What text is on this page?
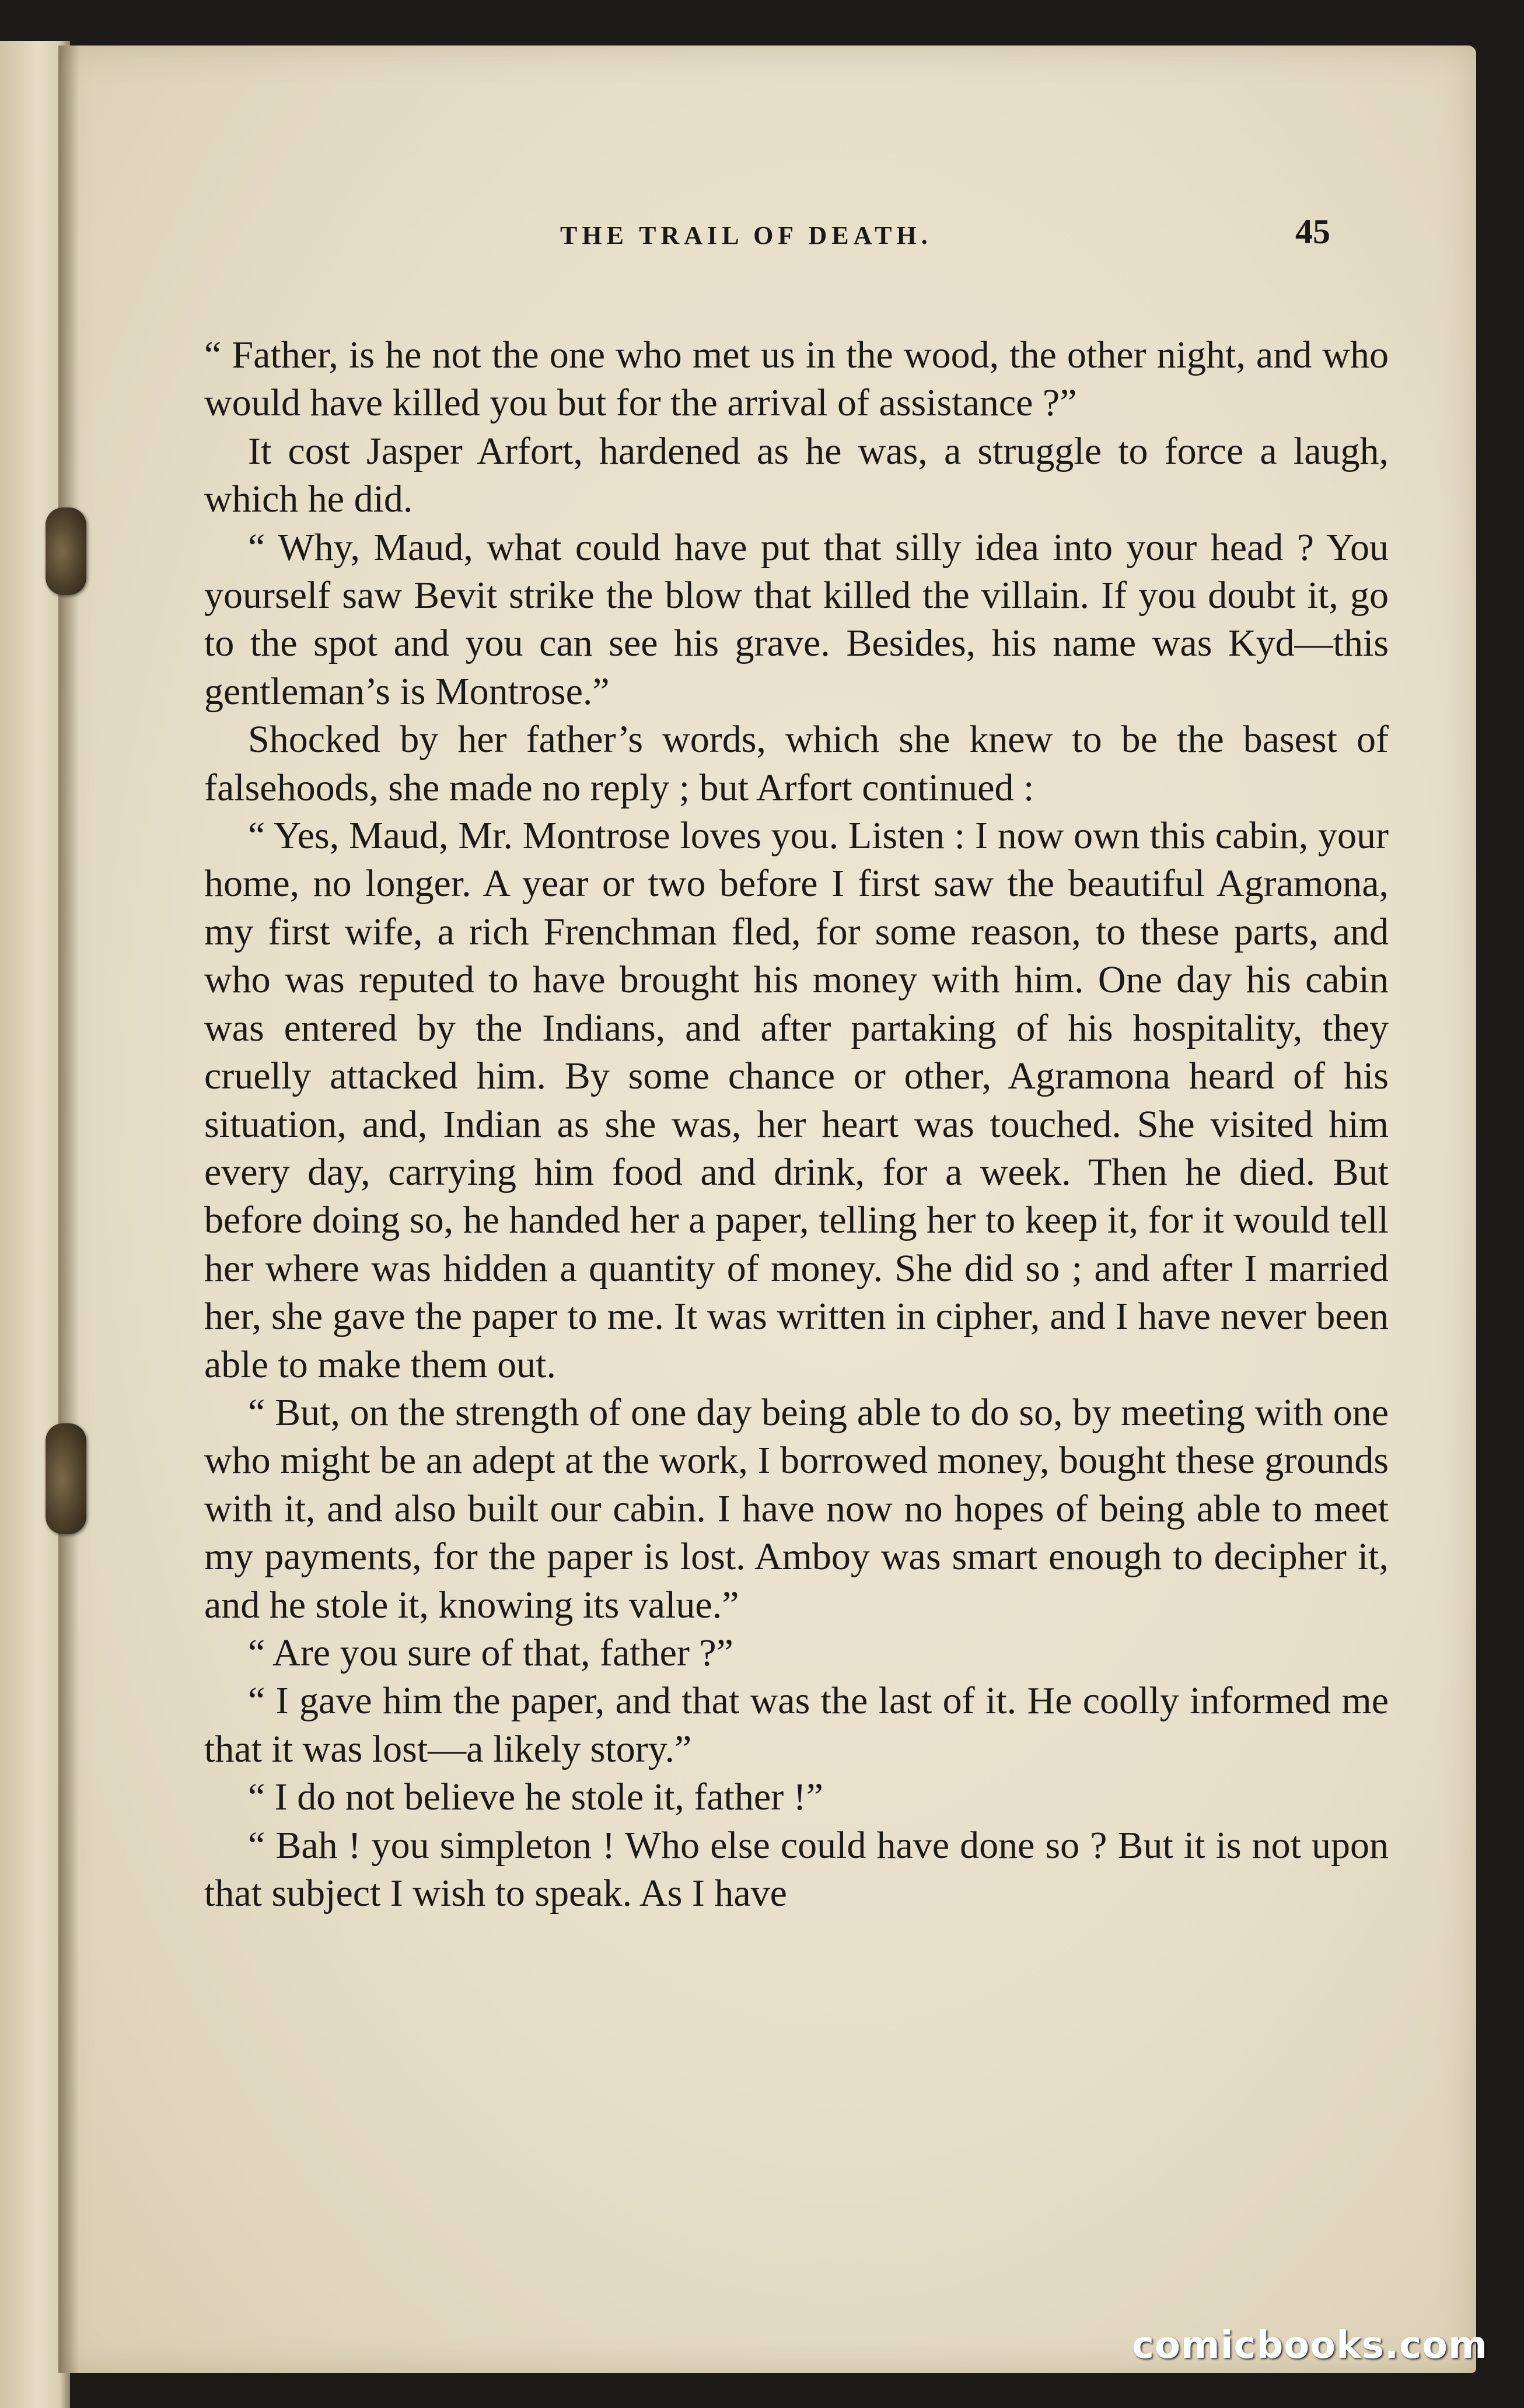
THE TRAIL OF DEATH.	45

“ Father, is he not the one who met us in the wood, the other night, and who would have killed you but for the arrival of assistance ?”

It cost Jasper Arfort, hardened as he was, a struggle to force a laugh, which he did.

“ Why, Maud, what could have put that silly idea into your head ? You yourself saw Bevit strike the blow that killed the villain. If you doubt it, go to the spot and you can see his grave. Besides, his name was Kyd—this gentleman’s is Montrose.”

Shocked by her father’s words, which she knew to be the basest of falsehoods, she made no reply ; but Arfort continued :

“ Yes, Maud, Mr. Montrose loves you. Listen : I now own this cabin, your home, no longer. A year or two before I first saw the beautiful Agramona, my first wife, a rich Frenchman fled, for some reason, to these parts, and who was reputed to have brought his money with him. One day his cabin was entered by the Indians, and after partaking of his hospitality, they cruelly attacked him. By some chance or other, Agramona heard of his situation, and, Indian as she was, her heart was touched. She visited him every day, carrying him food and drink, for a week. Then he died. But before doing so, he handed her a paper, telling her to keep it, for it would tell her where was hidden a quantity of money. She did so ; and after I married her, she gave the paper to me. It was written in cipher, and I have never been able to make them out.

“ But, on the strength of one day being able to do so, by meeting with one who might be an adept at the work, I borrowed money, bought these grounds with it, and also built our cabin. I have now no hopes of being able to meet my payments, for the paper is lost. Amboy was smart enough to decipher it, and he stole it, knowing its value.”

“ Are you sure of that, father ?”

“ I gave him the paper, and that was the last of it. He coolly informed me that it was lost—a likely story.”

“ I do not believe he stole it, father !”

“ Bah ! you simpleton ! Who else could have done so ? But it is not upon that subject I wish to speak. As I have

comicbooks.com
